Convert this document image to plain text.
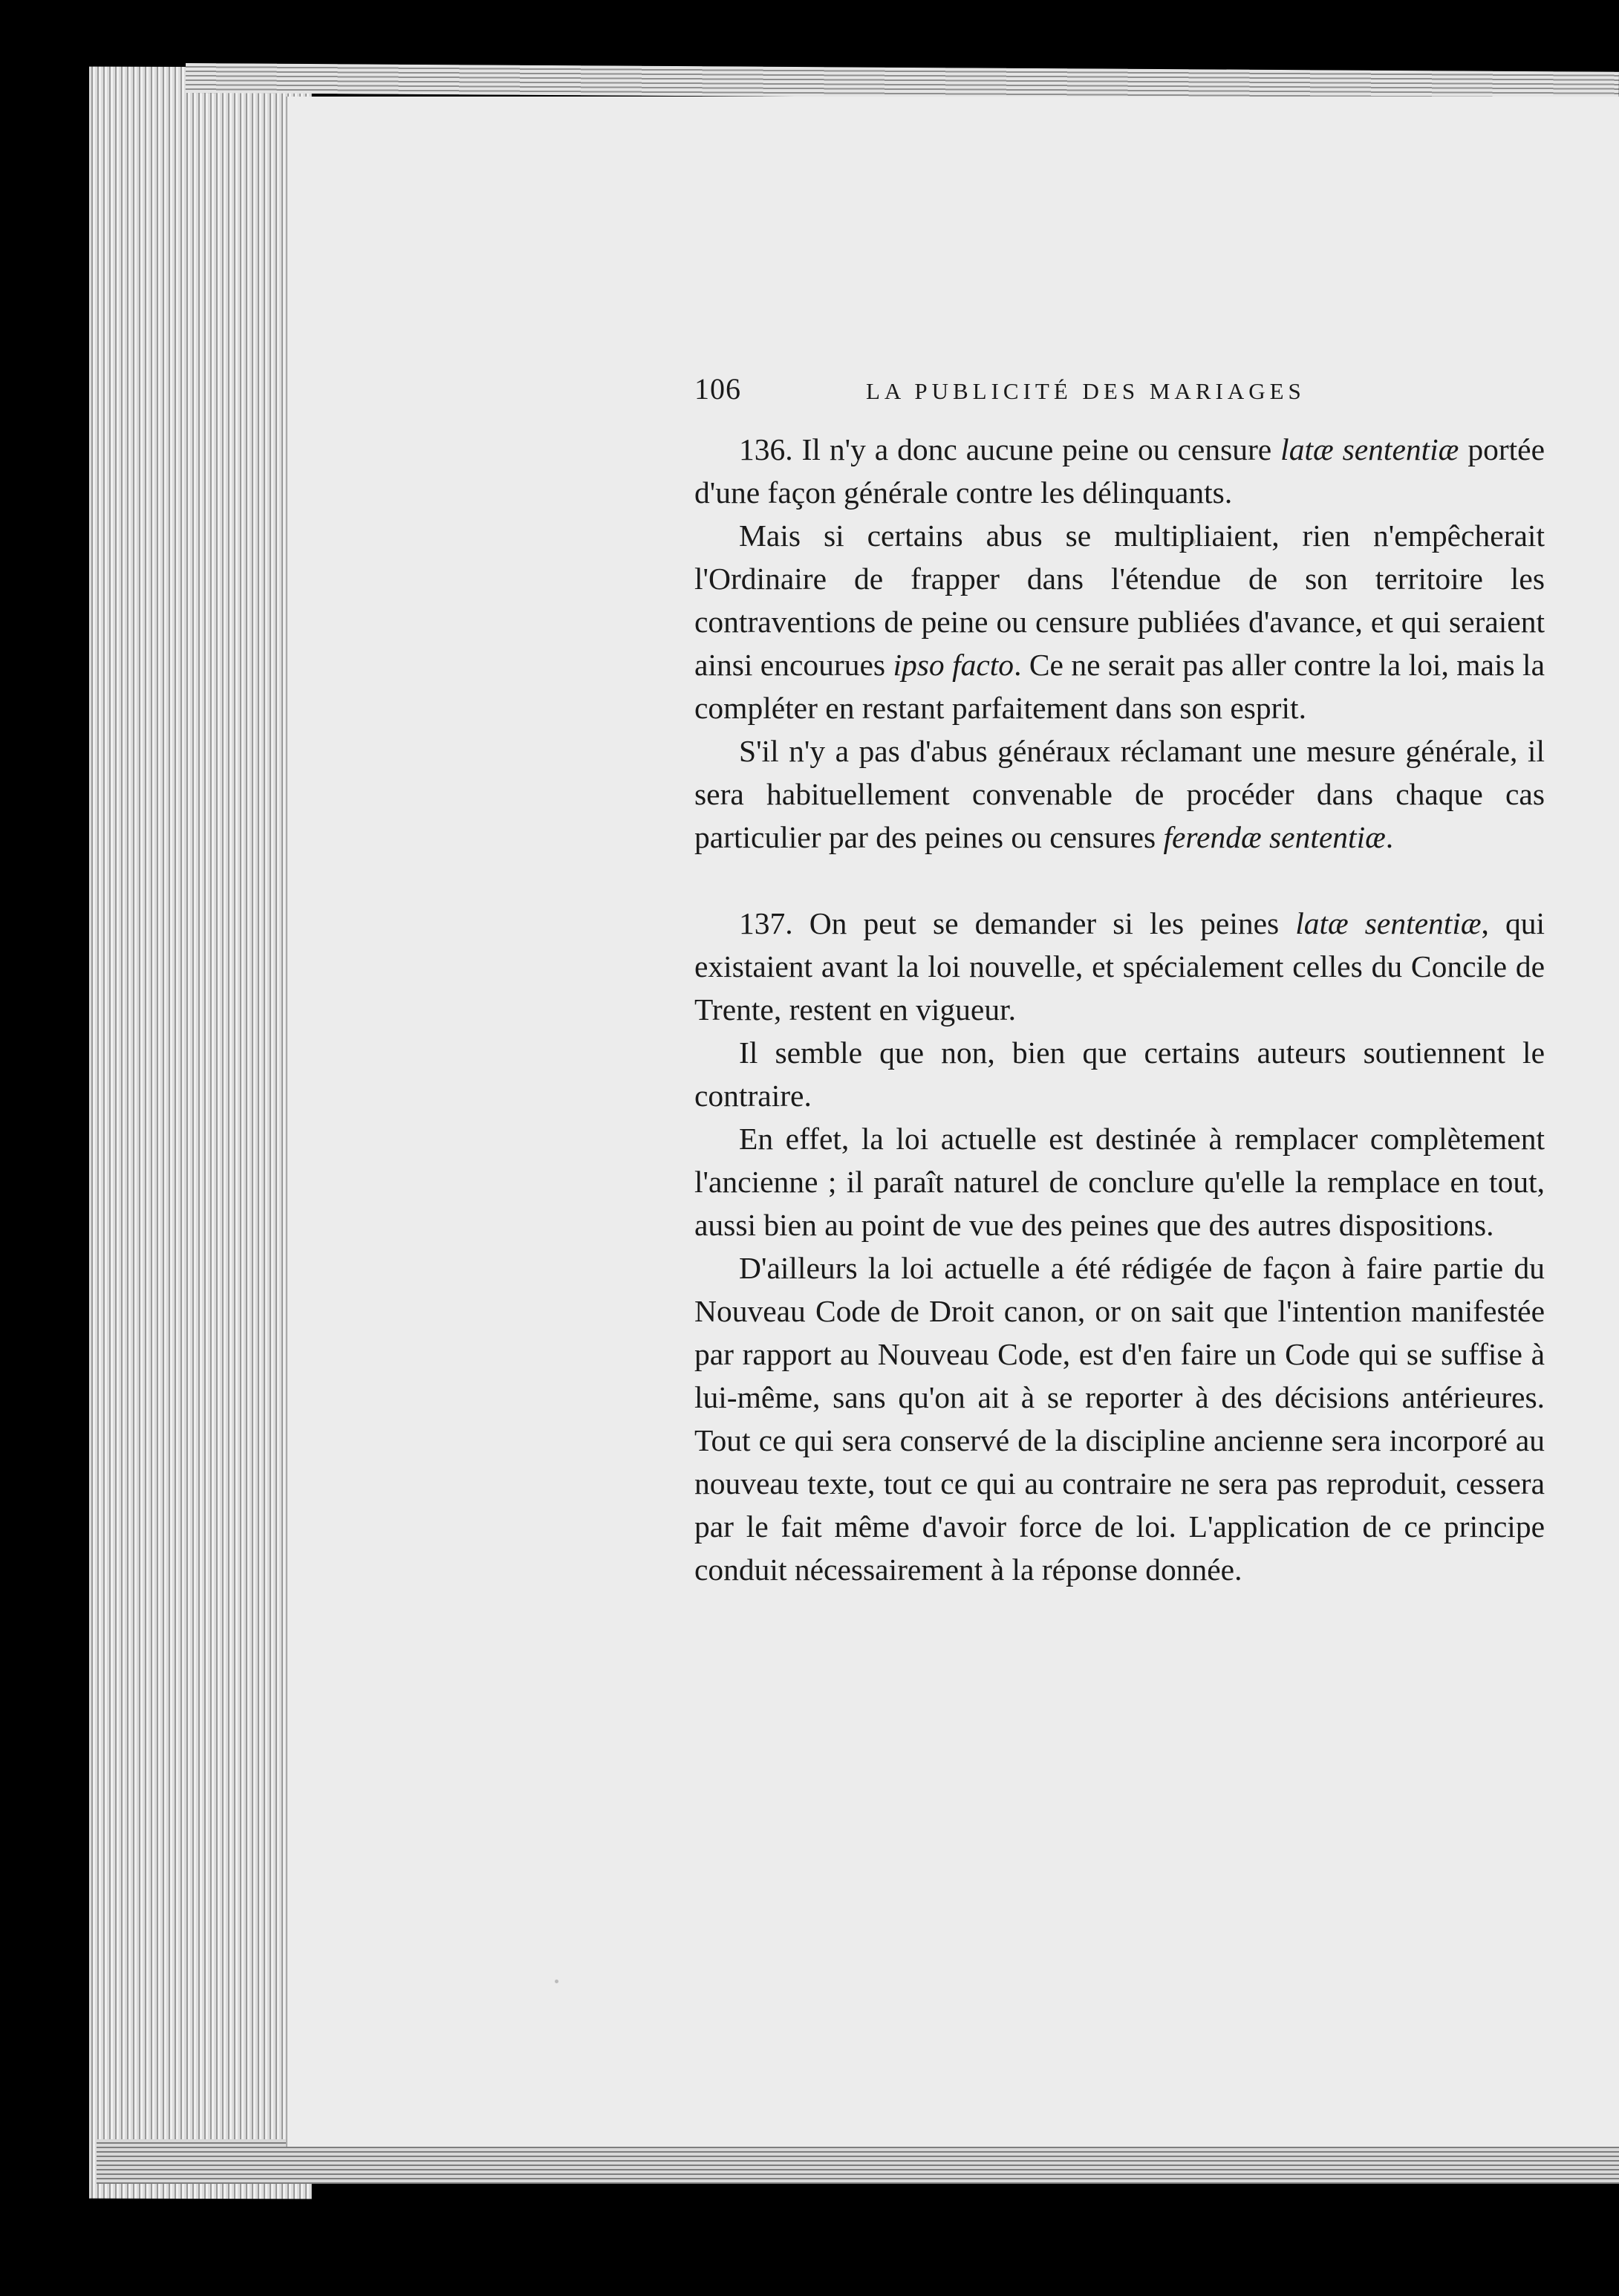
106	LA PUBLICITÉ DES MARIAGES

136. Il n'y a donc aucune peine ou censure latæ sententiæ portée d'une façon générale contre les délinquants.

Mais si certains abus se multipliaient, rien n'empêcherait l'Ordinaire de frapper dans l'étendue de son territoire les contraventions de peine ou censure publiées d'avance, et qui seraient ainsi encourues ipso facto. Ce ne serait pas aller contre la loi, mais la compléter en restant parfaitement dans son esprit.

S'il n'y a pas d'abus généraux réclamant une mesure générale, il sera habituellement convenable de procéder dans chaque cas particulier par des peines ou censures ferendæ sententiæ.

137. On peut se demander si les peines latæ sententiæ, qui existaient avant la loi nouvelle, et spécialement celles du Concile de Trente, restent en vigueur.

Il semble que non, bien que certains auteurs soutiennent le contraire.

En effet, la loi actuelle est destinée à remplacer complètement l'ancienne ; il paraît naturel de conclure qu'elle la remplace en tout, aussi bien au point de vue des peines que des autres dispositions.

D'ailleurs la loi actuelle a été rédigée de façon à faire partie du Nouveau Code de Droit canon, or on sait que l'intention manifestée par rapport au Nouveau Code, est d'en faire un Code qui se suffise à lui-même, sans qu'on ait à se reporter à des décisions antérieures. Tout ce qui sera conservé de la discipline ancienne sera incorporé au nouveau texte, tout ce qui au contraire ne sera pas reproduit, cessera par le fait même d'avoir force de loi. L'application de ce principe conduit nécessairement à la réponse donnée.
